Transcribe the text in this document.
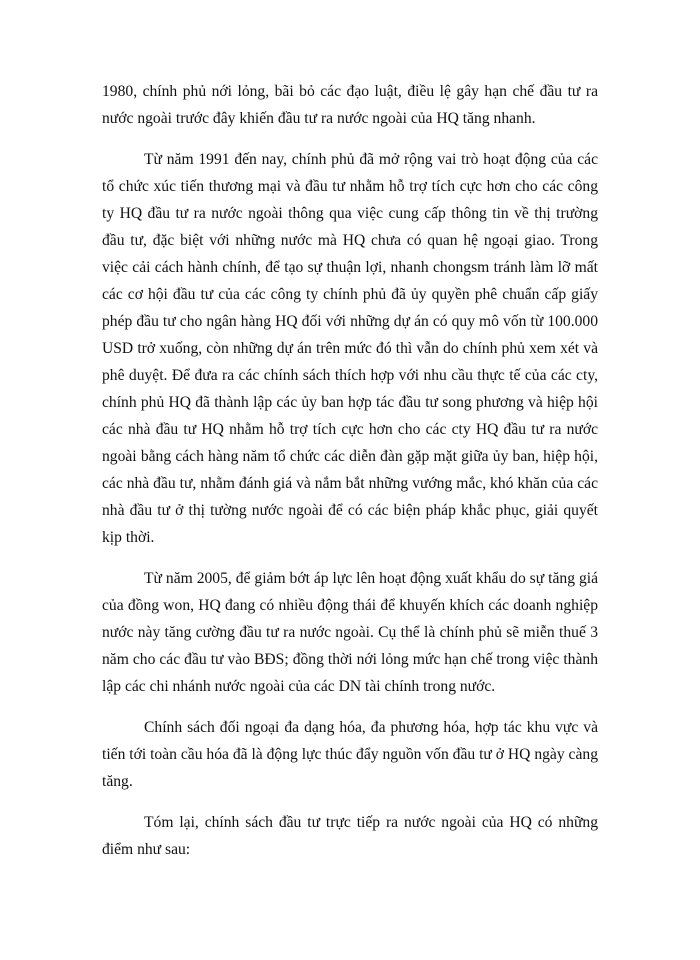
1980, chính phủ nới lỏng, bãi bỏ các đạo luật, điều lệ gây hạn chế đầu tư ra nước ngoài trước đây khiến đầu tư ra nước ngoài của HQ tăng nhanh.

Từ năm 1991 đến nay, chính phủ đã mở rộng vai trò hoạt động của các tổ chức xúc tiến thương mại và đầu tư nhằm hỗ trợ tích cực hơn cho các công ty HQ đầu tư ra nước ngoài thông qua việc cung cấp thông tin về thị trường đầu tư, đặc biệt với những nước mà HQ chưa có quan hệ ngoại giao. Trong việc cải cách hành chính, để tạo sự thuận lợi, nhanh chongsm tránh làm lỡ mất các cơ hội đầu tư của các công ty chính phủ đã ủy quyền phê chuẩn cấp giấy phép đầu tư cho ngân hàng HQ đối với những dự án có quy mô vốn từ 100.000 USD trở xuống, còn những dự án trên mức đó thì vẫn do chính phủ xem xét và phê duyệt. Để đưa ra các chính sách thích hợp với nhu cầu thực tế của các cty, chính phủ HQ đã thành lập các ủy ban hợp tác đầu tư song phương và hiệp hội các nhà đầu tư HQ nhằm hỗ trợ tích cực hơn cho các cty HQ đầu tư ra nước ngoài bằng cách hàng năm tổ chức các diễn đàn gặp mặt giữa ủy ban, hiệp hội, các nhà đầu tư, nhằm đánh giá và nắm bắt những vướng mắc, khó khăn của các nhà đầu tư ở thị tường nước ngoài để có các biện pháp khắc phục, giải quyết kịp thời.

Từ năm 2005, để giảm bớt áp lực lên hoạt động xuất khẩu do sự tăng giá của đồng won, HQ đang có nhiều động thái để khuyến khích các doanh nghiệp nước này tăng cường đầu tư ra nước ngoài. Cụ thể là chính phủ sẽ miễn thuế 3 năm cho các đầu tư vào BĐS; đồng thời nới lỏng mức hạn chế trong việc thành lập các chi nhánh nước ngoài của các DN tài chính trong nước.

Chính sách đối ngoại đa dạng hóa, đa phương hóa, hợp tác khu vực và tiến tới toàn cầu hóa đã là động lực thúc đẩy nguồn vốn đầu tư ở HQ ngày càng tăng.

Tóm lại, chính sách đầu tư trực tiếp ra nước ngoài của HQ có những điểm như sau:
